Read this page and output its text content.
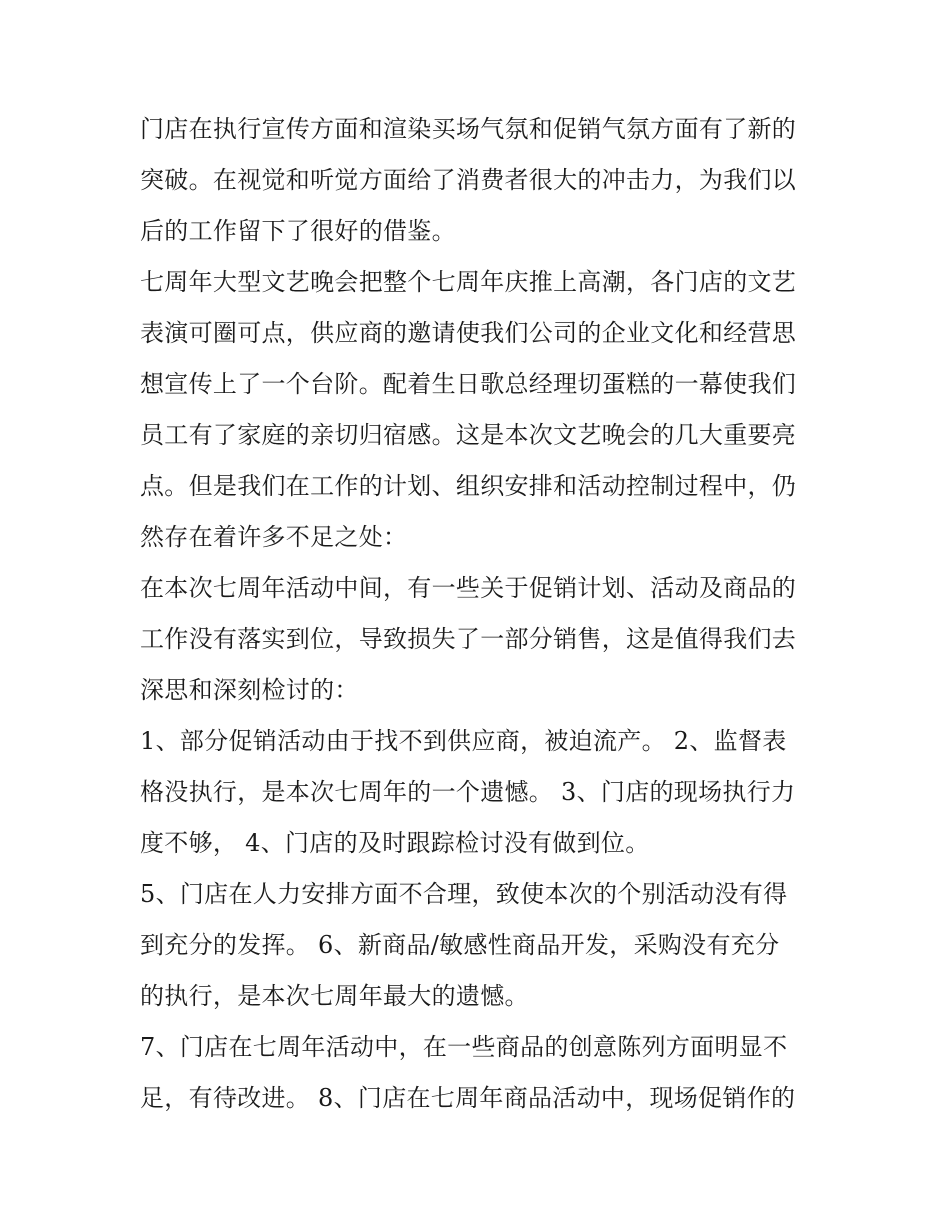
门店在执行宣传方面和渲染买场气氛和促销气氛方面有了新的
突破。在视觉和听觉方面给了消费者很大的冲击力，为我们以
后的工作留下了很好的借鉴。
七周年大型文艺晚会把整个七周年庆推上高潮，各门店的文艺
表演可圈可点，供应商的邀请使我们公司的企业文化和经营思
想宣传上了一个台阶。配着生日歌总经理切蛋糕的一幕使我们
员工有了家庭的亲切归宿感。这是本次文艺晚会的几大重要亮
点。但是我们在工作的计划、组织安排和活动控制过程中，仍
然存在着许多不足之处：
在本次七周年活动中间，有一些关于促销计划、活动及商品的
工作没有落实到位，导致损失了一部分销售，这是值得我们去
深思和深刻检讨的：
1、部分促销活动由于找不到供应商，被迫流产。 2、监督表
格没执行，是本次七周年的一个遗憾。 3、门店的现场执行力
度不够， 4、门店的及时跟踪检讨没有做到位。
5、门店在人力安排方面不合理，致使本次的个别活动没有得
到充分的发挥。 6、新商品/敏感性商品开发，采购没有充分
的执行，是本次七周年最大的遗憾。
7、门店在七周年活动中，在一些商品的创意陈列方面明显不
足，有待改进。 8、门店在七周年商品活动中，现场促销作的
